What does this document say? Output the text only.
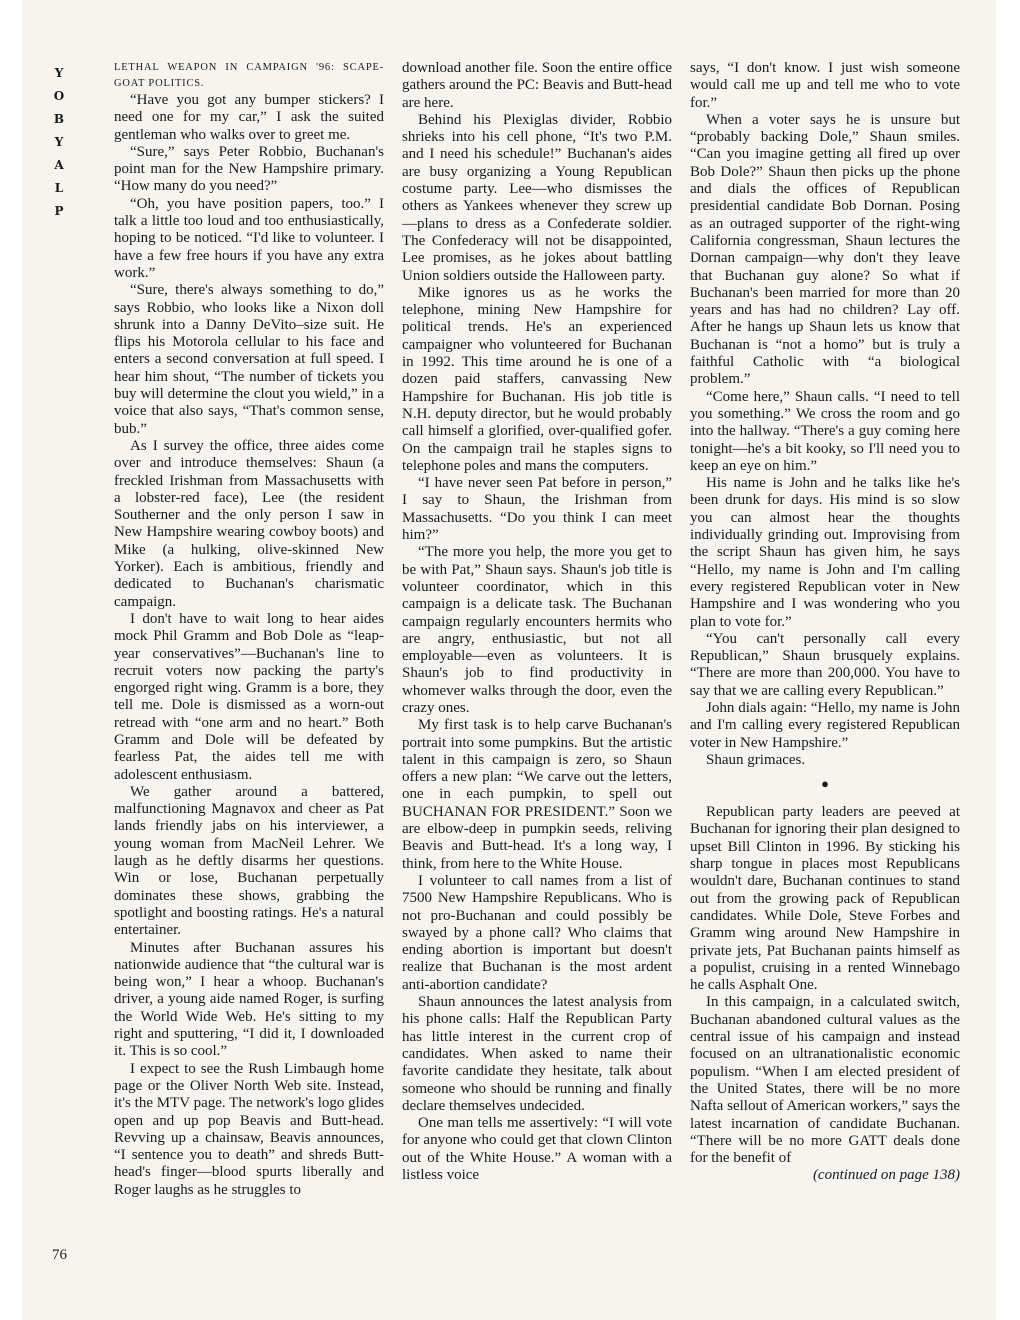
Y
O
B
Y
A
L
P
76

LETHAL WEAPON IN CAMPAIGN '96: SCAPE-GOAT POLITICS.

“Have you got any bumper stickers? I need one for my car,” I ask the suited gentleman who walks over to greet me.

“Sure,” says Peter Robbio, Buchanan's point man for the New Hampshire primary. “How many do you need?”

“Oh, you have position papers, too.” I talk a little too loud and too enthusiastically, hoping to be noticed. “I'd like to volunteer. I have a few free hours if you have any extra work.”

“Sure, there's always something to do,” says Robbio, who looks like a Nixon doll shrunk into a Danny DeVito–size suit. He flips his Motorola cellular to his face and enters a second conversation at full speed. I hear him shout, “The number of tickets you buy will determine the clout you wield,” in a voice that also says, “That's common sense, bub.”

As I survey the office, three aides come over and introduce themselves: Shaun (a freckled Irishman from Massachusetts with a lobster-red face), Lee (the resident Southerner and the only person I saw in New Hampshire wearing cowboy boots) and Mike (a hulking, olive-skinned New Yorker). Each is ambitious, friendly and dedicated to Buchanan's charismatic campaign.

I don't have to wait long to hear aides mock Phil Gramm and Bob Dole as “leap-year conservatives”—Buchanan's line to recruit voters now packing the party's engorged right wing. Gramm is a bore, they tell me. Dole is dismissed as a worn-out retread with “one arm and no heart.” Both Gramm and Dole will be defeated by fearless Pat, the aides tell me with adolescent enthusiasm.

We gather around a battered, malfunctioning Magnavox and cheer as Pat lands friendly jabs on his interviewer, a young woman from MacNeil Lehrer. We laugh as he deftly disarms her questions. Win or lose, Buchanan perpetually dominates these shows, grabbing the spotlight and boosting ratings. He's a natural entertainer.

Minutes after Buchanan assures his nationwide audience that “the cultural war is being won,” I hear a whoop. Buchanan's driver, a young aide named Roger, is surfing the World Wide Web. He's sitting to my right and sputtering, “I did it, I downloaded it. This is so cool.”

I expect to see the Rush Limbaugh home page or the Oliver North Web site. Instead, it's the MTV page. The network's logo glides open and up pop Beavis and Butt-head. Revving up a chainsaw, Beavis announces, “I sentence you to death” and shreds Butt-head's finger—blood spurts liberally and Roger laughs as he struggles to

download another file. Soon the entire office gathers around the PC: Beavis and Butt-head are here.

Behind his Plexiglas divider, Robbio shrieks into his cell phone, “It's two P.M. and I need his schedule!” Buchanan's aides are busy organizing a Young Republican costume party. Lee—who dismisses the others as Yankees whenever they screw up—plans to dress as a Confederate soldier. The Confederacy will not be disappointed, Lee promises, as he jokes about battling Union soldiers outside the Halloween party.

Mike ignores us as he works the telephone, mining New Hampshire for political trends. He's an experienced campaigner who volunteered for Buchanan in 1992. This time around he is one of a dozen paid staffers, canvassing New Hampshire for Buchanan. His job title is N.H. deputy director, but he would probably call himself a glorified, over-qualified gofer. On the campaign trail he staples signs to telephone poles and mans the computers.

“I have never seen Pat before in person,” I say to Shaun, the Irishman from Massachusetts. “Do you think I can meet him?”

“The more you help, the more you get to be with Pat,” Shaun says. Shaun's job title is volunteer coordinator, which in this campaign is a delicate task. The Buchanan campaign regularly encounters hermits who are angry, enthusiastic, but not all employable—even as volunteers. It is Shaun's job to find productivity in whomever walks through the door, even the crazy ones.

My first task is to help carve Buchanan's portrait into some pumpkins. But the artistic talent in this campaign is zero, so Shaun offers a new plan: “We carve out the letters, one in each pumpkin, to spell out BUCHANAN FOR PRESIDENT.” Soon we are elbow-deep in pumpkin seeds, reliving Beavis and Butt-head. It's a long way, I think, from here to the White House.

I volunteer to call names from a list of 7500 New Hampshire Republicans. Who is not pro-Buchanan and could possibly be swayed by a phone call? Who claims that ending abortion is important but doesn't realize that Buchanan is the most ardent anti-abortion candidate?

Shaun announces the latest analysis from his phone calls: Half the Republican Party has little interest in the current crop of candidates. When asked to name their favorite candidate they hesitate, talk about someone who should be running and finally declare themselves undecided.

One man tells me assertively: “I will vote for anyone who could get that clown Clinton out of the White House.” A woman with a listless voice

says, “I don't know. I just wish someone would call me up and tell me who to vote for.”

When a voter says he is unsure but “probably backing Dole,” Shaun smiles. “Can you imagine getting all fired up over Bob Dole?” Shaun then picks up the phone and dials the offices of Republican presidential candidate Bob Dornan. Posing as an outraged supporter of the right-wing California congressman, Shaun lectures the Dornan campaign—why don't they leave that Buchanan guy alone? So what if Buchanan's been married for more than 20 years and has had no children? Lay off. After he hangs up Shaun lets us know that Buchanan is “not a homo” but is truly a faithful Catholic with “a biological problem.”

“Come here,” Shaun calls. “I need to tell you something.” We cross the room and go into the hallway. “There's a guy coming here tonight—he's a bit kooky, so I'll need you to keep an eye on him.”

His name is John and he talks like he's been drunk for days. His mind is so slow you can almost hear the thoughts individually grinding out. Improvising from the script Shaun has given him, he says “Hello, my name is John and I'm calling every registered Republican voter in New Hampshire and I was wondering who you plan to vote for.”

“You can't personally call every Republican,” Shaun brusquely explains. “There are more than 200,000. You have to say that we are calling every Republican.”

John dials again: “Hello, my name is John and I'm calling every registered Republican voter in New Hampshire.”

Shaun grimaces.

●

Republican party leaders are peeved at Buchanan for ignoring their plan designed to upset Bill Clinton in 1996. By sticking his sharp tongue in places most Republicans wouldn't dare, Buchanan continues to stand out from the growing pack of Republican candidates. While Dole, Steve Forbes and Gramm wing around New Hampshire in private jets, Pat Buchanan paints himself as a populist, cruising in a rented Winnebago he calls Asphalt One.

In this campaign, in a calculated switch, Buchanan abandoned cultural values as the central issue of his campaign and instead focused on an ultranationalistic economic populism. “When I am elected president of the United States, there will be no more Nafta sellout of American workers,” says the latest incarnation of candidate Buchanan. “There will be no more GATT deals done for the benefit of

(continued on page 138)
